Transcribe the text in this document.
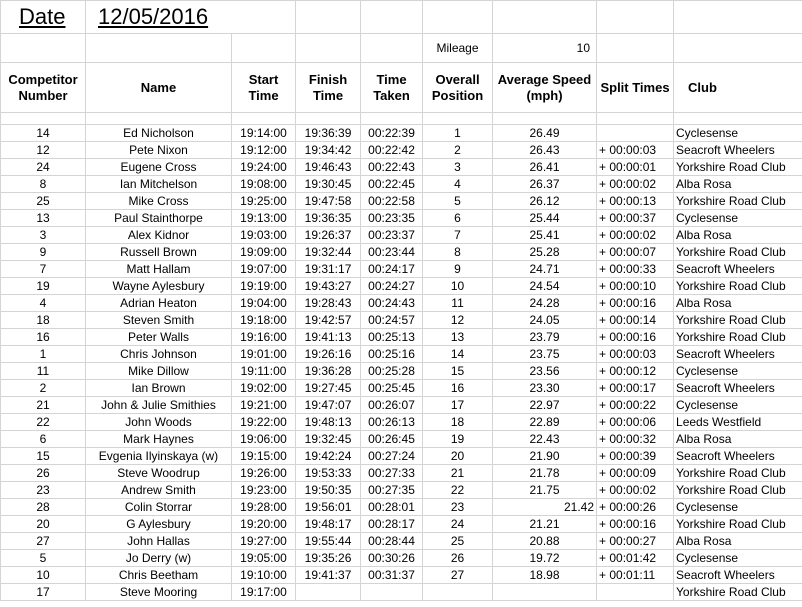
Date	12/05/2016							
					Mileage	10		
Competitor Number	Name	Start Time	Finish Time	Time Taken	Overall Position	Average Speed (mph)	Split Times	Club

14	Ed Nicholson	19:14:00	19:36:39	00:22:39	1	26.49		Cyclesense
12	Pete Nixon	19:12:00	19:34:42	00:22:42	2	26.43	+ 00:00:03	Seacroft Wheelers
24	Eugene Cross	19:24:00	19:46:43	00:22:43	3	26.41	+ 00:00:01	Yorkshire Road Club
8	Ian Mitchelson	19:08:00	19:30:45	00:22:45	4	26.37	+ 00:00:02	Alba Rosa
25	Mike Cross	19:25:00	19:47:58	00:22:58	5	26.12	+ 00:00:13	Yorkshire Road Club
13	Paul Stainthorpe	19:13:00	19:36:35	00:23:35	6	25.44	+ 00:00:37	Cyclesense
3	Alex Kidnor	19:03:00	19:26:37	00:23:37	7	25.41	+ 00:00:02	Alba Rosa
9	Russell Brown	19:09:00	19:32:44	00:23:44	8	25.28	+ 00:00:07	Yorkshire Road Club
7	Matt Hallam	19:07:00	19:31:17	00:24:17	9	24.71	+ 00:00:33	Seacroft Wheelers
19	Wayne Aylesbury	19:19:00	19:43:27	00:24:27	10	24.54	+ 00:00:10	Yorkshire Road Club
4	Adrian Heaton	19:04:00	19:28:43	00:24:43	11	24.28	+ 00:00:16	Alba Rosa
18	Steven Smith	19:18:00	19:42:57	00:24:57	12	24.05	+ 00:00:14	Yorkshire Road Club
16	Peter Walls	19:16:00	19:41:13	00:25:13	13	23.79	+ 00:00:16	Yorkshire Road Club
1	Chris Johnson	19:01:00	19:26:16	00:25:16	14	23.75	+ 00:00:03	Seacroft Wheelers
11	Mike Dillow	19:11:00	19:36:28	00:25:28	15	23.56	+ 00:00:12	Cyclesense
2	Ian Brown	19:02:00	19:27:45	00:25:45	16	23.30	+ 00:00:17	Seacroft Wheelers
21	John & Julie Smithies	19:21:00	19:47:07	00:26:07	17	22.97	+ 00:00:22	Cyclesense
22	John Woods	19:22:00	19:48:13	00:26:13	18	22.89	+ 00:00:06	Leeds Westfield
6	Mark Haynes	19:06:00	19:32:45	00:26:45	19	22.43	+ 00:00:32	Alba Rosa
15	Evgenia Ilyinskaya (w)	19:15:00	19:42:24	00:27:24	20	21.90	+ 00:00:39	Seacroft Wheelers
26	Steve Woodrup	19:26:00	19:53:33	00:27:33	21	21.78	+ 00:00:09	Yorkshire Road Club
23	Andrew Smith	19:23:00	19:50:35	00:27:35	22	21.75	+ 00:00:02	Yorkshire Road Club
28	Colin Storrar	19:28:00	19:56:01	00:28:01	23	21.42	+ 00:00:26	Cyclesense
20	G Aylesbury	19:20:00	19:48:17	00:28:17	24	21.21	+ 00:00:16	Yorkshire Road Club
27	John Hallas	19:27:00	19:55:44	00:28:44	25	20.88	+ 00:00:27	Alba Rosa
5	Jo Derry (w)	19:05:00	19:35:26	00:30:26	26	19.72	+ 00:01:42	Cyclesense
10	Chris Beetham	19:10:00	19:41:37	00:31:37	27	18.98	+ 00:01:11	Seacroft Wheelers
17	Steve Mooring	19:17:00						Yorkshire Road Club
